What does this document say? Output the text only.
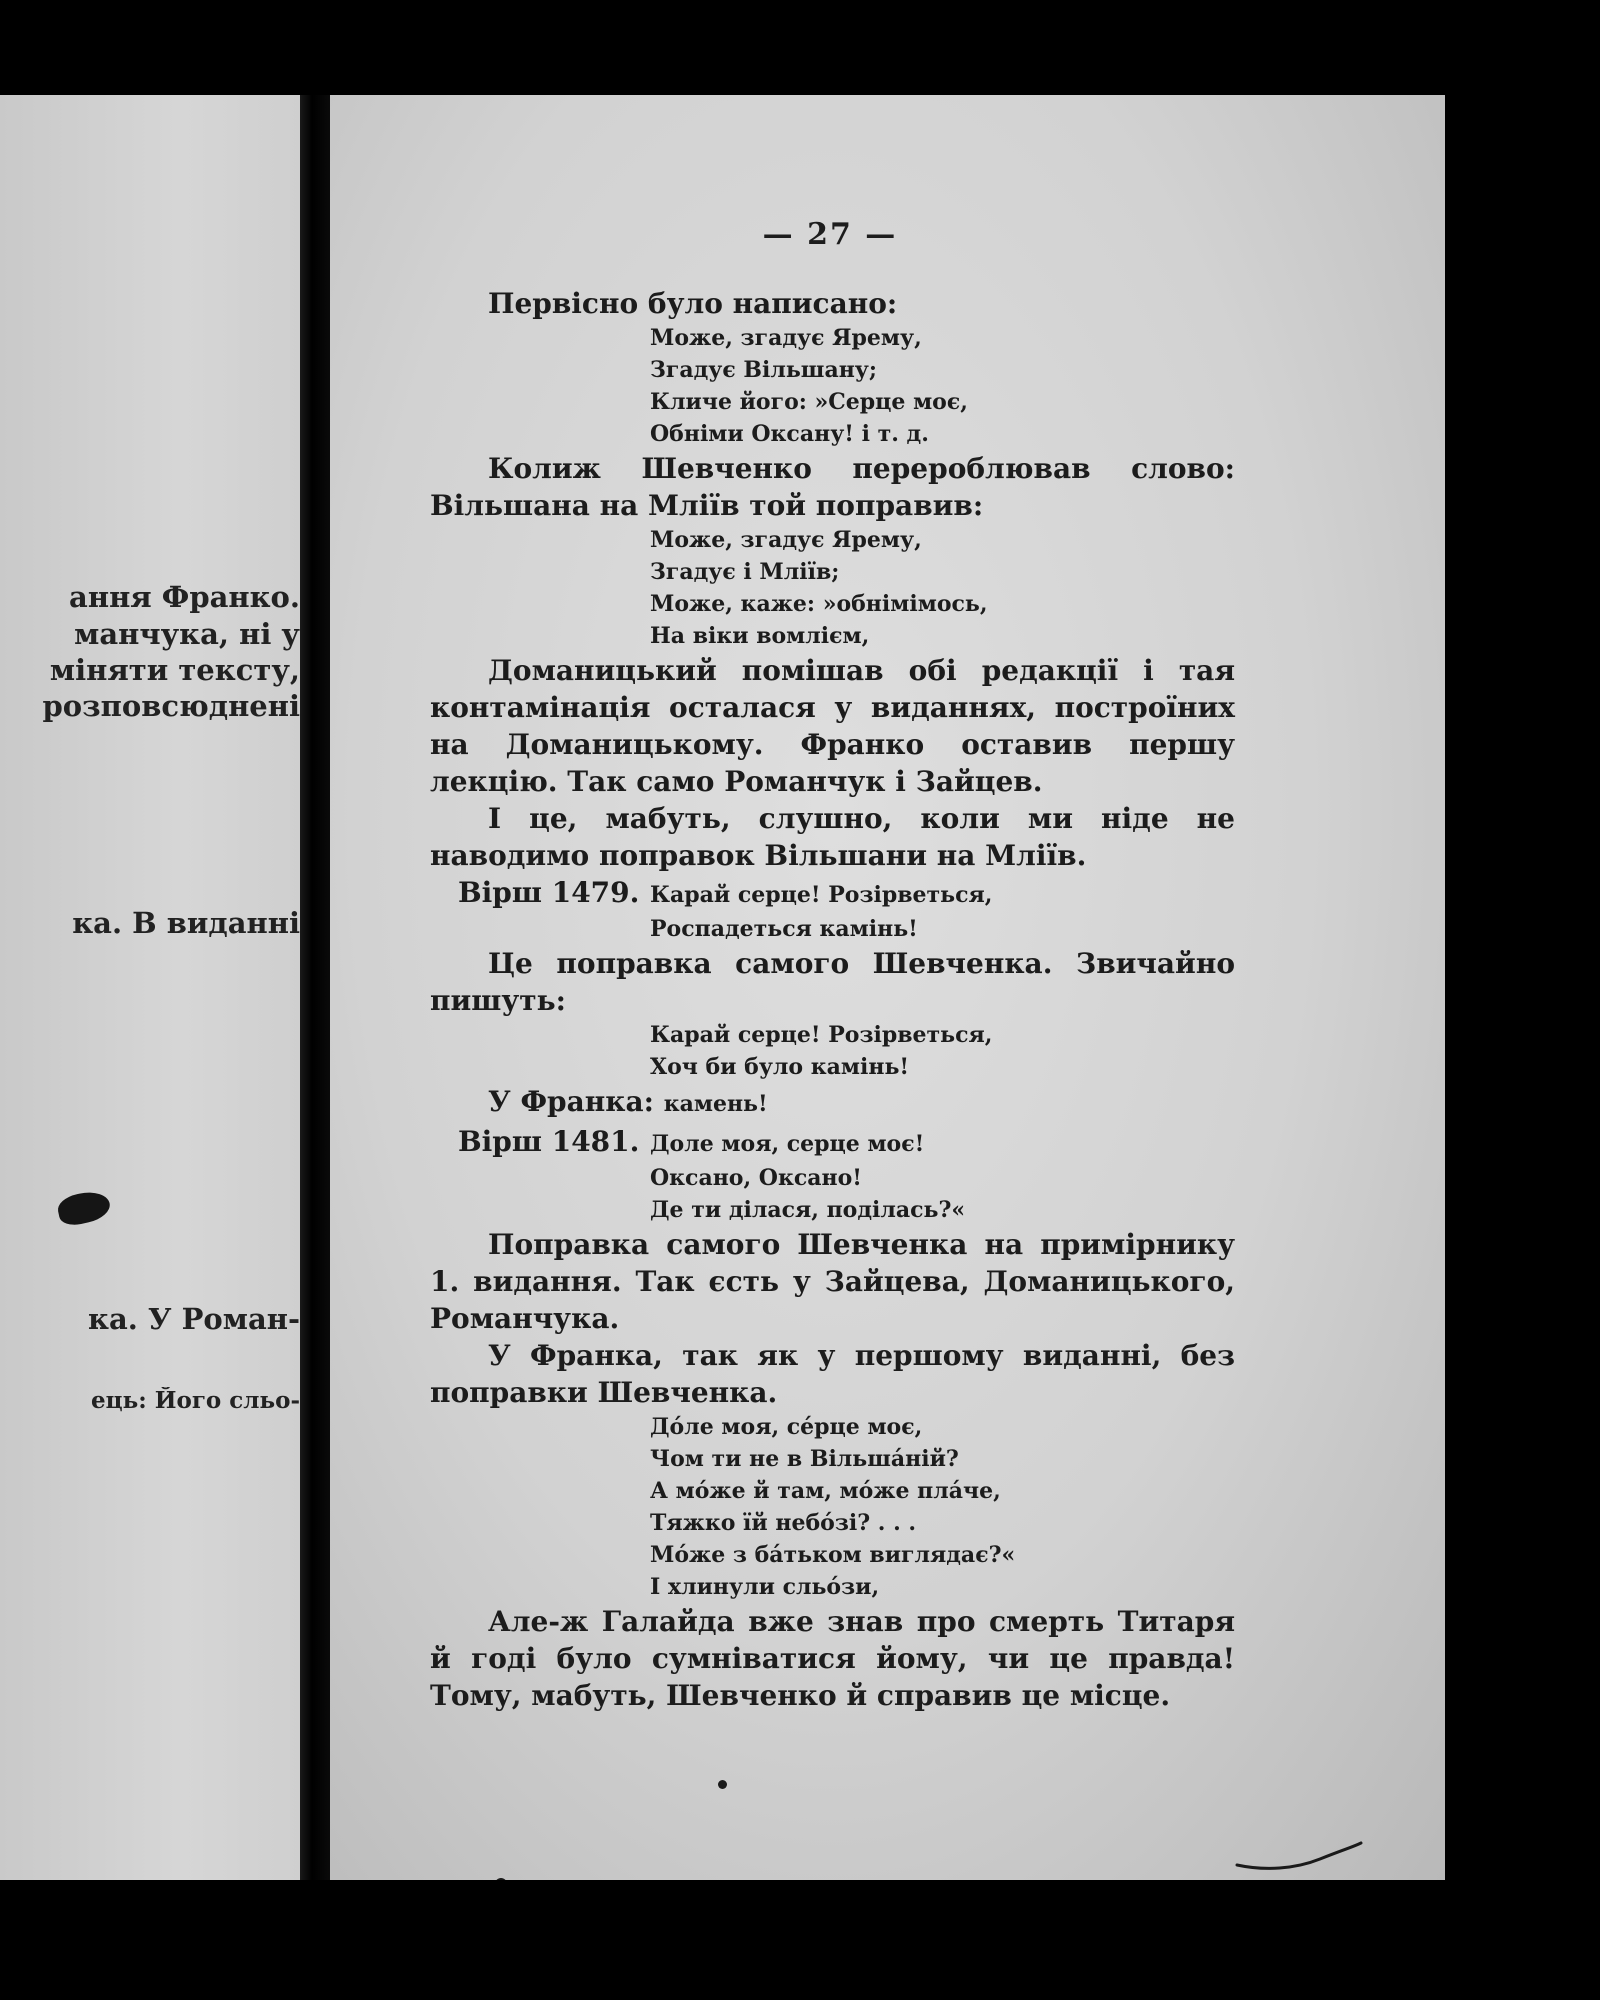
ання Франко.
манчука, ні у
міняти тексту,
розповсюднені
ка. В виданні
ка. У Роман-
ець: Його сльо-
— 27 —

Первісно було написано:

Може, згадує Ярему,
Згадує Вільшану;
Кличе його: »Серце моє,
Обніми Оксану! і т. д.

Колиж Шевченко перероблював слово: Вільшана на Мліїв той поправив:

Може, згадує Ярему,
Згадує і Мліїв;
Може, каже: »обнімімось,
На віки вомлієм,

Доманицький помішав обі редакції і тая контамінація осталася у виданнях, построїних на Доманицькому. Франко оставив першу лекцію. Так само Романчук і Зайцев.

І це, мабуть, слушно, коли ми ніде не наводимо поправок Вільшани на Мліїв.

Вірш 1479. Карай серце! Розірветься,
Роспадеться камінь!

Це поправка самого Шевченка. Звичайно пишуть:

Карай серце! Розірветься,
Хоч би було камінь!

У Франка: камень!

Вірш 1481. Доле моя, серце моє!
Оксано, Оксано!
Де ти ділася, поділась?«

Поправка самого Шевченка на примірнику 1. видання. Так єсть у Зайцева, Доманицького, Романчука.

У Франка, так як у першому виданні, без поправки Шевченка.

До́ле моя, се́рце моє,
Чом ти не в Вільша́ній?
А мо́же й там, мо́же пла́че,
Тяжко їй небо́зі? . . .
Мо́же з ба́тьком виглядає?«
І хлинули сльо́зи,

Але-ж Галайда вже знав про смерть Титаря й годі було сумніватися йому, чи це правда! Тому, мабуть, Шевченко й справив це місце.
